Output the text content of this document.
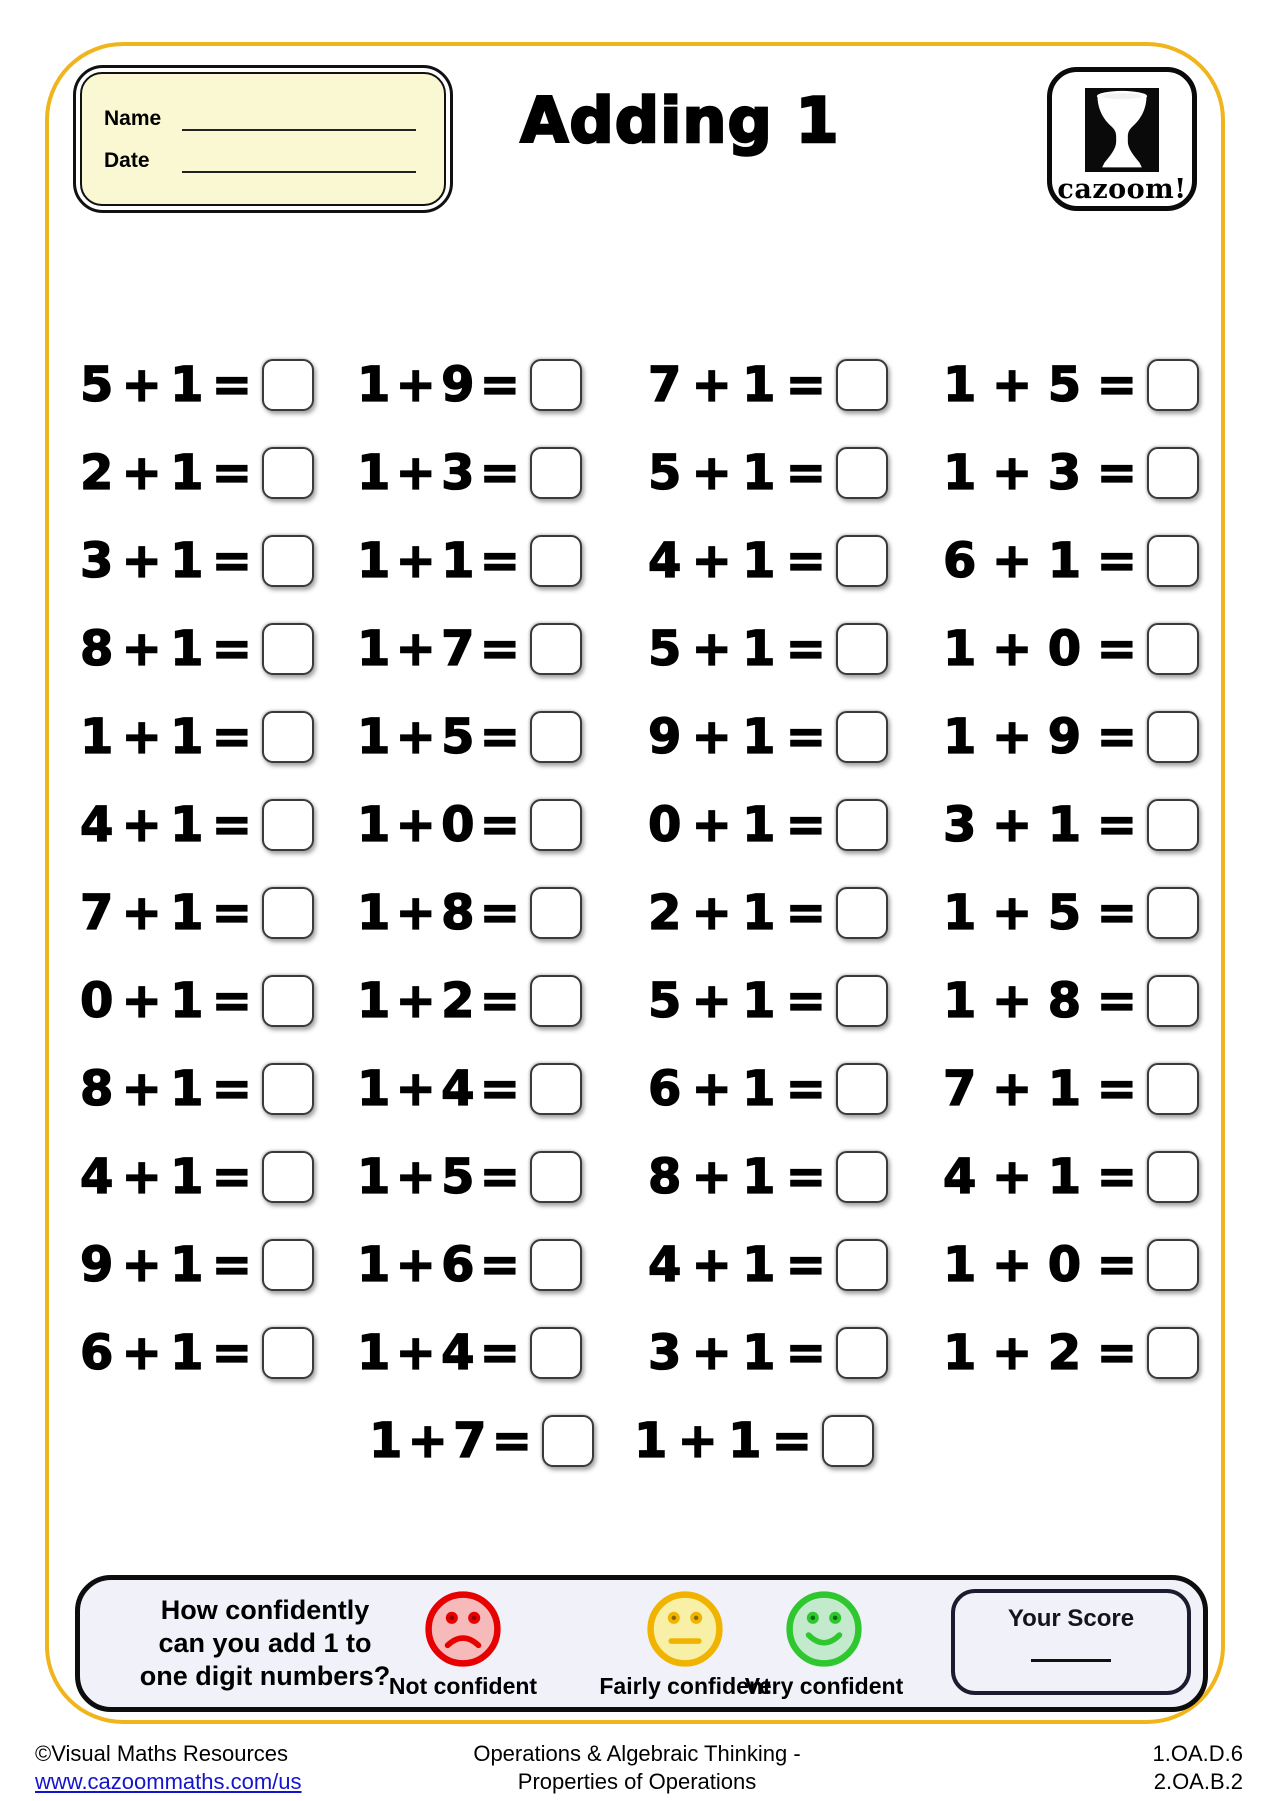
Name
Date
Adding 1
cazoom!
5 + 1 =
2 + 1 =
3 + 1 =
8 + 1 =
1 + 1 =
4 + 1 =
7 + 1 =
0 + 1 =
8 + 1 =
4 + 1 =
9 + 1 =
6 + 1 =
1 + 9 =
1 + 3 =
1 + 1 =
1 + 7 =
1 + 5 =
1 + 0 =
1 + 8 =
1 + 2 =
1 + 4 =
1 + 5 =
1 + 6 =
1 + 4 =
1 + 7 =
7 + 1 =
5 + 1 =
4 + 1 =
5 + 1 =
9 + 1 =
0 + 1 =
2 + 1 =
5 + 1 =
6 + 1 =
8 + 1 =
4 + 1 =
3 + 1 =
1 + 1 =
1 + 5 =
1 + 3 =
6 + 1 =
1 + 0 =
1 + 9 =
3 + 1 =
1 + 5 =
1 + 8 =
7 + 1 =
4 + 1 =
1 + 0 =
1 + 2 =
How confidently
can you add 1 to
one digit numbers?
Not confident	Fairly confident
Very confident
Your Score
©Visual Maths Resources
www.cazoommaths.com/us
Operations & Algebraic Thinking -
Properties of Operations
1.OA.D.6
2.OA.B.2
